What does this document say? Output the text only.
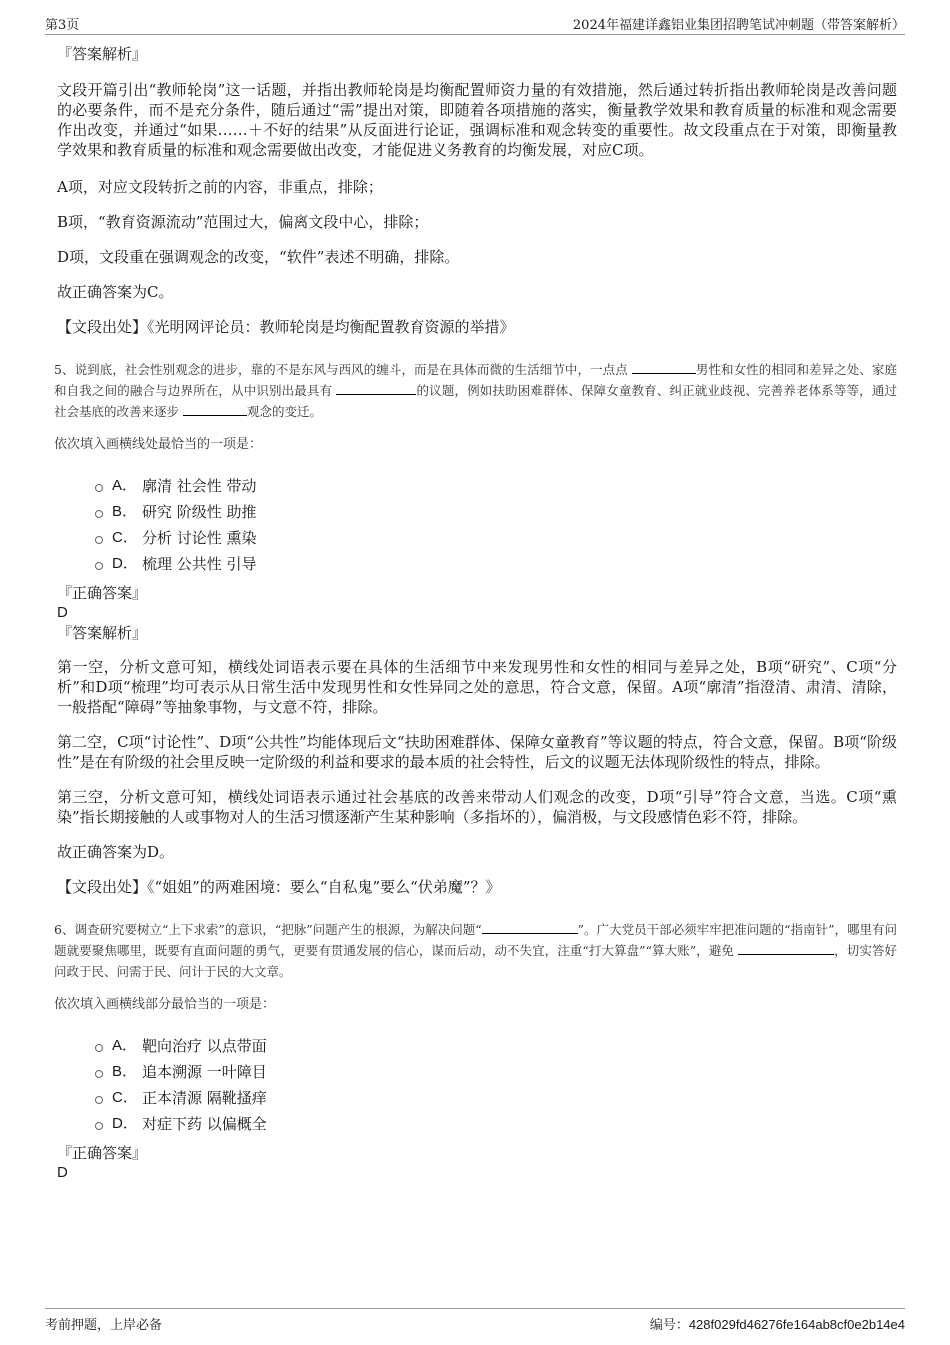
第3页	2024年福建详鑫铝业集团招聘笔试冲刺题（带答案解析）

『答案解析』

文段开篇引出“教师轮岗”这一话题，并指出教师轮岗是均衡配置师资力量的有效措施，然后通过转折指出教师轮岗是改善问题的必要条件，而不是充分条件，随后通过“需”提出对策，即随着各项措施的落实，衡量教学效果和教育质量的标准和观念需要作出改变，并通过“如果……＋不好的结果”从反面进行论证，强调标准和观念转变的重要性。故文段重点在于对策，即衡量教学效果和教育质量的标准和观念需要做出改变，才能促进义务教育的均衡发展，对应C项。

A项，对应文段转折之前的内容，非重点，排除；

B项，“教育资源流动”范围过大，偏离文段中心，排除；

D项，文段重在强调观念的改变，“软件”表述不明确，排除。

故正确答案为C。

【文段出处】《光明网评论员：教师轮岗是均衡配置教育资源的举措》

5、说到底，社会性别观念的进步，靠的不是东风与西风的缠斗，而是在具体而微的生活细节中，一点点	男性和女性的相同和差异之处、家庭和自我之间的融合与边界所在，从中识别出最具有	的议题，例如扶助困难群体、保障女童教育、纠正就业歧视、完善养老体系等等，通过社会基底的改善来逐步	观念的变迁。

依次填入画横线处最恰当的一项是：

A． 廓清 社会性 带动
B． 研究 阶级性 助推
C． 分析 讨论性 熏染
D． 梳理 公共性 引导

『正确答案』

D

『答案解析』

第一空，分析文意可知，横线处词语表示要在具体的生活细节中来发现男性和女性的相同与差异之处，B项“研究”、C项“分析”和D项“梳理”均可表示从日常生活中发现男性和女性异同之处的意思，符合文意，保留。A项“廓清”指澄清、肃清、清除，一般搭配“障碍”等抽象事物，与文意不符，排除。

第二空，C项“讨论性”、D项“公共性”均能体现后文“扶助困难群体、保障女童教育”等议题的特点，符合文意，保留。B项“阶级性”是在有阶级的社会里反映一定阶级的利益和要求的最本质的社会特性，后文的议题无法体现阶级性的特点，排除。

第三空，分析文意可知，横线处词语表示通过社会基底的改善来带动人们观念的改变，D项“引导”符合文意，当选。C项“熏染”指长期接触的人或事物对人的生活习惯逐渐产生某种影响（多指坏的），偏消极，与文段感情色彩不符，排除。

故正确答案为D。

【文段出处】《“姐姐”的两难困境：要么“自私鬼”要么“伏弟魔”？》

6、调查研究要树立“上下求索”的意识，“把脉”问题产生的根源，为解决问题“	”。广大党员干部必须牢牢把准问题的“指南针”，哪里有问题就要聚焦哪里，既要有直面问题的勇气，更要有贯通发展的信心，谋而后动，动不失宜，注重“打大算盘”“算大账”，避免	，切实答好问政于民、问需于民、问计于民的大文章。

依次填入画横线部分最恰当的一项是：

A． 靶向治疗 以点带面
B． 追本溯源 一叶障目
C． 正本清源 隔靴搔痒
D． 对症下药 以偏概全

『正确答案』

D

考前押题，上岸必备	编号：428f029fd46276fe164ab8cf0e2b14e4
